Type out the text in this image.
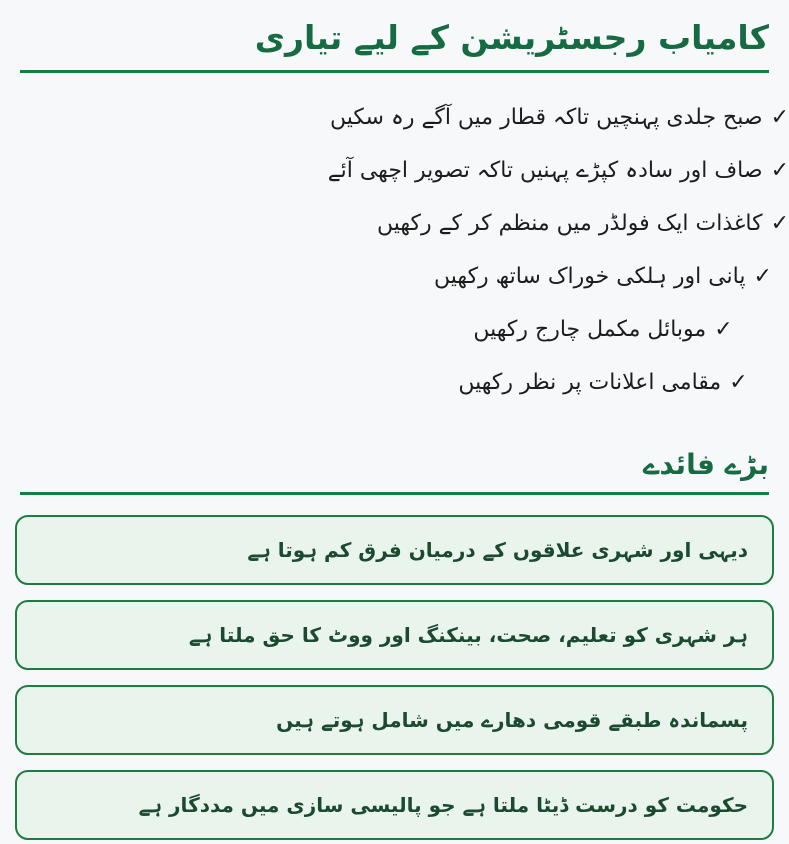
کامیاب رجسٹریشن کے لیے تیاری
✓صبح جلدی پہنچیں تاکہ قطار میں آگے رہ سکیں
✓صاف اور سادہ کپڑے پہنیں تاکہ تصویر اچھی آئے
✓کاغذات ایک فولڈر میں منظم کر کے رکھیں
✓پانی اور ہلکی خوراک ساتھ رکھیں
✓موبائل مکمل چارج رکھیں
✓مقامی اعلانات پر نظر رکھیں
بڑے فائدے
دیہی اور شہری علاقوں کے درمیان فرق کم ہوتا ہے
ہر شہری کو تعلیم، صحت، بینکنگ اور ووٹ کا حق ملتا ہے
پسماندہ طبقے قومی دھارے میں شامل ہوتے ہیں
حکومت کو درست ڈیٹا ملتا ہے جو پالیسی سازی میں مددگار ہے
